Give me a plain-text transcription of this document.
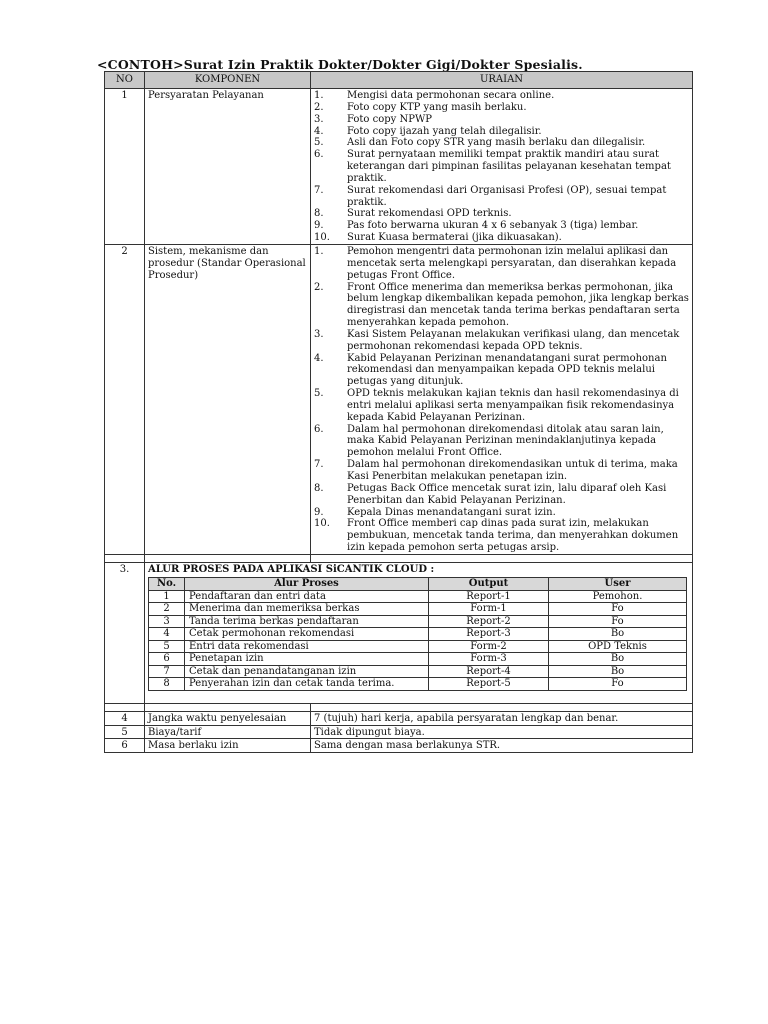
<CONTOH>Surat Izin Praktik Dokter/Dokter Gigi/Dokter Spesialis.
NO	KOMPONEN	URAIAN
1	Persyaratan Pelayanan	1.	Mengisi data permohonan secara online.
2.	Foto copy KTP yang masih berlaku.
3.	Foto copy NPWP
4.	Foto copy ijazah yang telah dilegalisir.
5.	Asli dan Foto copy STR yang masih berlaku dan dilegalisir.
6.	Surat pernyataan memiliki tempat praktik mandiri atau surat keterangan dari pimpinan fasilitas pelayanan kesehatan tempat praktik.
7.	Surat rekomendasi dari Organisasi Profesi (OP), sesuai tempat praktik.
8.	Surat rekomendasi OPD terknis.
9.	Pas foto berwarna ukuran 4 x 6 sebanyak 3 (tiga) lembar.
10.	Surat Kuasa bermaterai (jika dikuasakan).

2	Sistem, mekanisme dan prosedur (Standar Operasional Prosedur)	
1.	Pemohon mengentri data permohonan izin melalui aplikasi dan mencetak serta melengkapi persyaratan, dan diserahkan kepada petugas Front Office.
2.	Front Office menerima dan memeriksa berkas permohonan, jika belum lengkap dikembalikan kepada pemohon, jika lengkap berkas diregistrasi dan mencetak tanda terima berkas pendaftaran serta menyerahkan kepada pemohon.
3.	Kasi Sistem Pelayanan melakukan verifikasi ulang, dan mencetak permohonan rekomendasi kepada OPD teknis.
4.	Kabid Pelayanan Perizinan menandatangani surat permohonan rekomendasi dan menyampaikan kepada OPD teknis melalui petugas yang ditunjuk.
5.	OPD teknis melakukan kajian teknis dan hasil rekomendasinya di entri melalui aplikasi serta menyampaikan fisik rekomendasinya kepada Kabid Pelayanan Perizinan.
6.	Dalam hal permohonan direkomendasi ditolak atau saran lain, maka Kabid Pelayanan Perizinan menindaklanjutinya kepada pemohon melalui Front Office.
7.	Dalam hal permohonan direkomendasikan untuk di terima, maka Kasi Penerbitan melakukan penetapan izin.
8.	Petugas Back Office mencetak surat izin, lalu diparaf oleh Kasi Penerbitan dan Kabid Pelayanan Perizinan.
9.	Kepala Dinas menandatangani surat izin.
10.	Front Office memberi cap dinas pada surat izin, melakukan pembukuan, mencetak tanda terima, dan menyerahkan dokumen izin kepada pemohon serta petugas arsip.

3.	ALUR PROSES PADA APLIKASI SiCANTIK CLOUD :
No.	Alur Proses	Output	User
1	Pendaftaran dan entri data	Report-1	Pemohon.
2	Menerima dan memeriksa berkas	Form-1	Fo
3	Tanda terima berkas pendaftaran	Report-2	Fo
4	Cetak permohonan rekomendasi	Report-3	Bo
5	Entri data rekomendasi	Form-2	OPD Teknis
6	Penetapan izin	Form-3	Bo
7	Cetak dan penandatanganan izin	Report-4	Bo
8	Penyerahan izin dan cetak tanda terima.	Report-5	Fo

4	Jangka waktu penyelesaian	7 (tujuh) hari kerja, apabila persyaratan lengkap dan benar.
5	Biaya/tarif	Tidak dipungut biaya.
6	Masa berlaku izin	Sama dengan masa berlakunya STR.
